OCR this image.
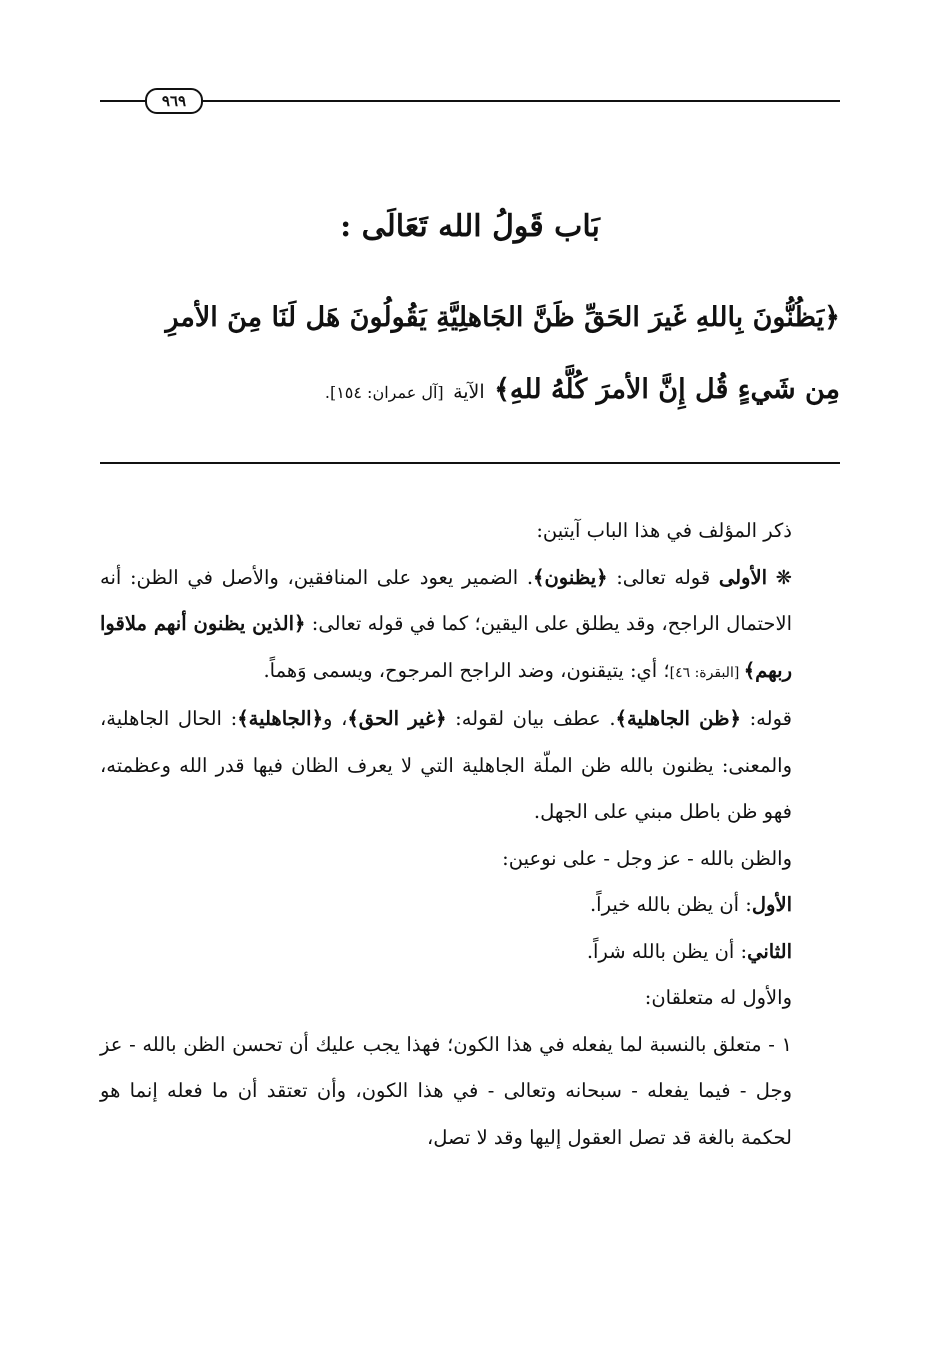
٩٦٩
بَاب قَولُ الله تَعَالَى :
﴿يَظُنُّونَ بِاللهِ غَيرَ الحَقِّ ظَنَّ الجَاهلِيَّةِ يَقُولُونَ هَل لَنَا مِنَ الأمرِ
مِن شَيءٍ قُل إِنَّ الأمرَ كُلَّهُ للهِ﴾ الآية [آل عمران: ١٥٤].

ذكر المؤلف في هذا الباب آيتين:

❋ الأولى قوله تعالى: ﴿يظنون﴾. الضمير يعود على المنافقين، والأصل في الظن: أنه الاحتمال الراجح، وقد يطلق على اليقين؛ كما في قوله تعالى: ﴿الذين يظنون أنهم ملاقوا ربهم﴾ [البقرة: ٤٦]؛ أي: يتيقنون، وضد الراجح المرجوح، ويسمى وَهماً.

قوله: ﴿ظن الجاهلية﴾. عطف بيان لقوله: ﴿غير الحق﴾، و﴿الجاهلية﴾: الحال الجاهلية، والمعنى: يظنون بالله ظن الملّة الجاهلية التي لا يعرف الظان فيها قدر الله وعظمته، فهو ظن باطل مبني على الجهل.

والظن بالله - عز وجل - على نوعين:

الأول: أن يظن بالله خيراً.

الثاني: أن يظن بالله شراً.

والأول له متعلقان:

١ - متعلق بالنسبة لما يفعله في هذا الكون؛ فهذا يجب عليك أن تحسن الظن بالله - عز وجل - فيما يفعله - سبحانه وتعالى - في هذا الكون، وأن تعتقد أن ما فعله إنما هو لحكمة بالغة قد تصل العقول إليها وقد لا تصل،
